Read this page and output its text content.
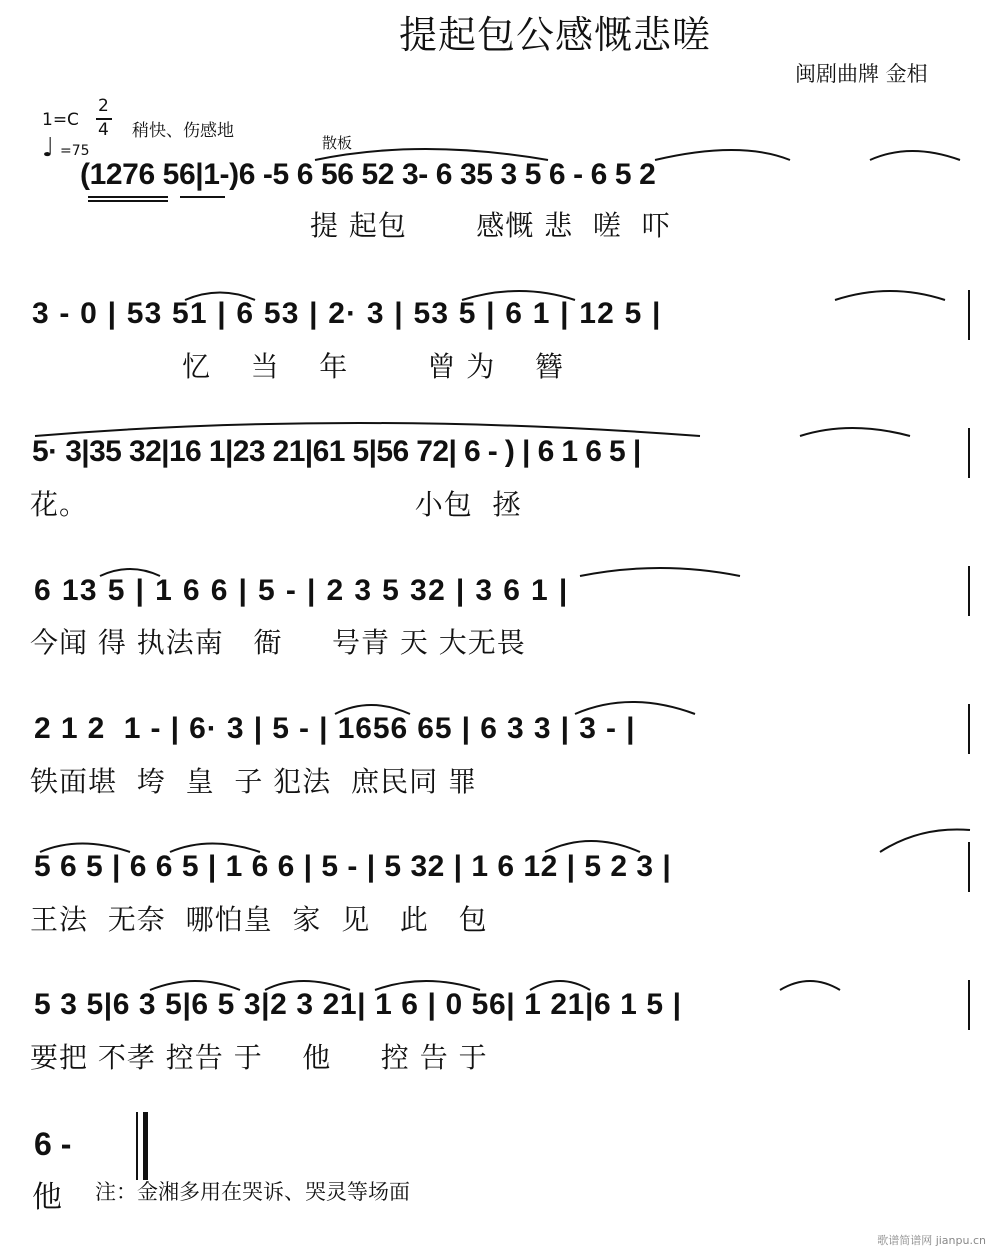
提起包公感慨悲嗟
闽剧曲牌 金相
1=C
2
4 稍快、伤感地
♩ =75	散板
(1276 56|1-)6 -5 6 56 52 3- 6 35 3 5 6 - 6 5 2
提 起包       感慨 悲  嗟  吓
3 - 0 | 53 51 | 6 53 | 2· 3 | 53 5 | 6 1 | 12 5 |
忆    当    年        曾 为    簪
5· 3|35 32|16 1|23 21|61 5|56 72| 6 - ) | 6 1 6 5 |
花。                                 小包  拯
6 13 5 | 1 6 6 | 5 - | 2 3 5 32 | 3 6 1 |
今闻 得 执法南   衙     号青 天 大无畏
2 1 2  1 - | 6· 3 | 5 - | 1656 65 | 6 3 3 | 3 - |
铁面堪  垮  皇  子 犯法  庶民同 罪
5 6 5 | 6 6 5 | 1 6 6 | 5 - | 5 32 | 1 6 12 | 5 2 3 |
王法  无奈  哪怕皇  家  见   此   包
5 3 5|6 3 5|6 5 3|2 3 21| 1 6 | 0 56| 1 21|6 1 5 |
要把 不孝 控告 于    他     控 告 于
6 -
他 注：金湘多用在哭诉、哭灵等场面
歌谱简谱网 jianpu.cn
